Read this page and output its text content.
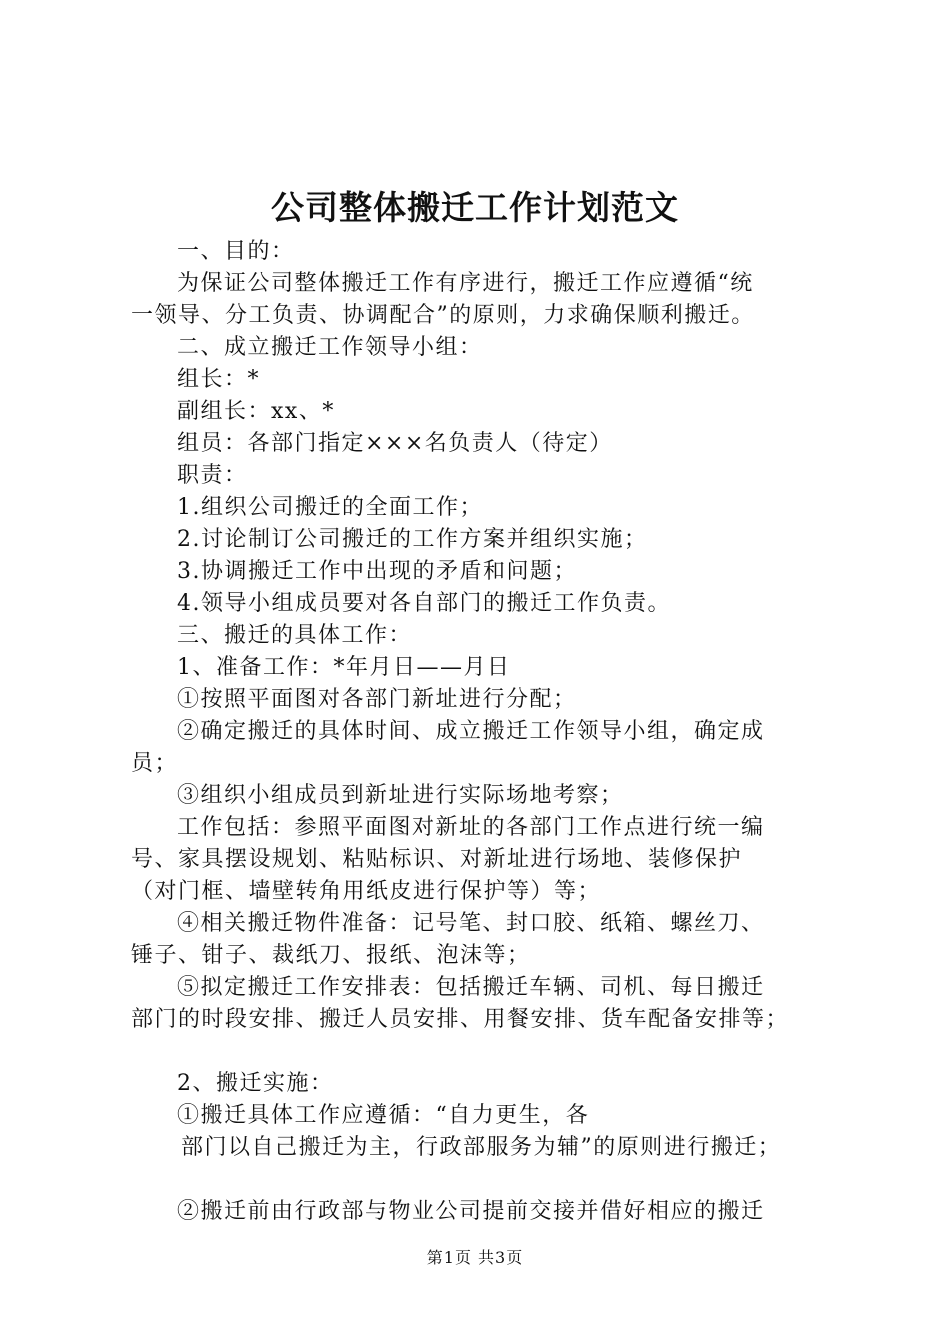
公司整体搬迁工作计划范文
一、目的：
为保证公司整体搬迁工作有序进行，搬迁工作应遵循“统
一领导、分工负责、协调配合”的原则，力求确保顺利搬迁。
二、成立搬迁工作领导小组：
组长：*
副组长：xx、*
组员：各部门指定×××名负责人（待定）
职责：
1.组织公司搬迁的全面工作；
2.讨论制订公司搬迁的工作方案并组织实施；
3.协调搬迁工作中出现的矛盾和问题；
4.领导小组成员要对各自部门的搬迁工作负责。
三、搬迁的具体工作：
1、准备工作：*年月日——月日
①按照平面图对各部门新址进行分配；
②确定搬迁的具体时间、成立搬迁工作领导小组，确定成
员；
③组织小组成员到新址进行实际场地考察；
工作包括：参照平面图对新址的各部门工作点进行统一编
号、家具摆设规划、粘贴标识、对新址进行场地、装修保护
（对门框、墙壁转角用纸皮进行保护等）等；
④相关搬迁物件准备：记号笔、封口胶、纸箱、螺丝刀、
锤子、钳子、裁纸刀、报纸、泡沫等；
⑤拟定搬迁工作安排表：包括搬迁车辆、司机、每日搬迁
部门的时段安排、搬迁人员安排、用餐安排、货车配备安排等；
2、搬迁实施：
①搬迁具体工作应遵循：“自力更生，各
部门以自己搬迁为主，行政部服务为辅”的原则进行搬迁；
②搬迁前由行政部与物业公司提前交接并借好相应的搬迁
第1页 共3页
